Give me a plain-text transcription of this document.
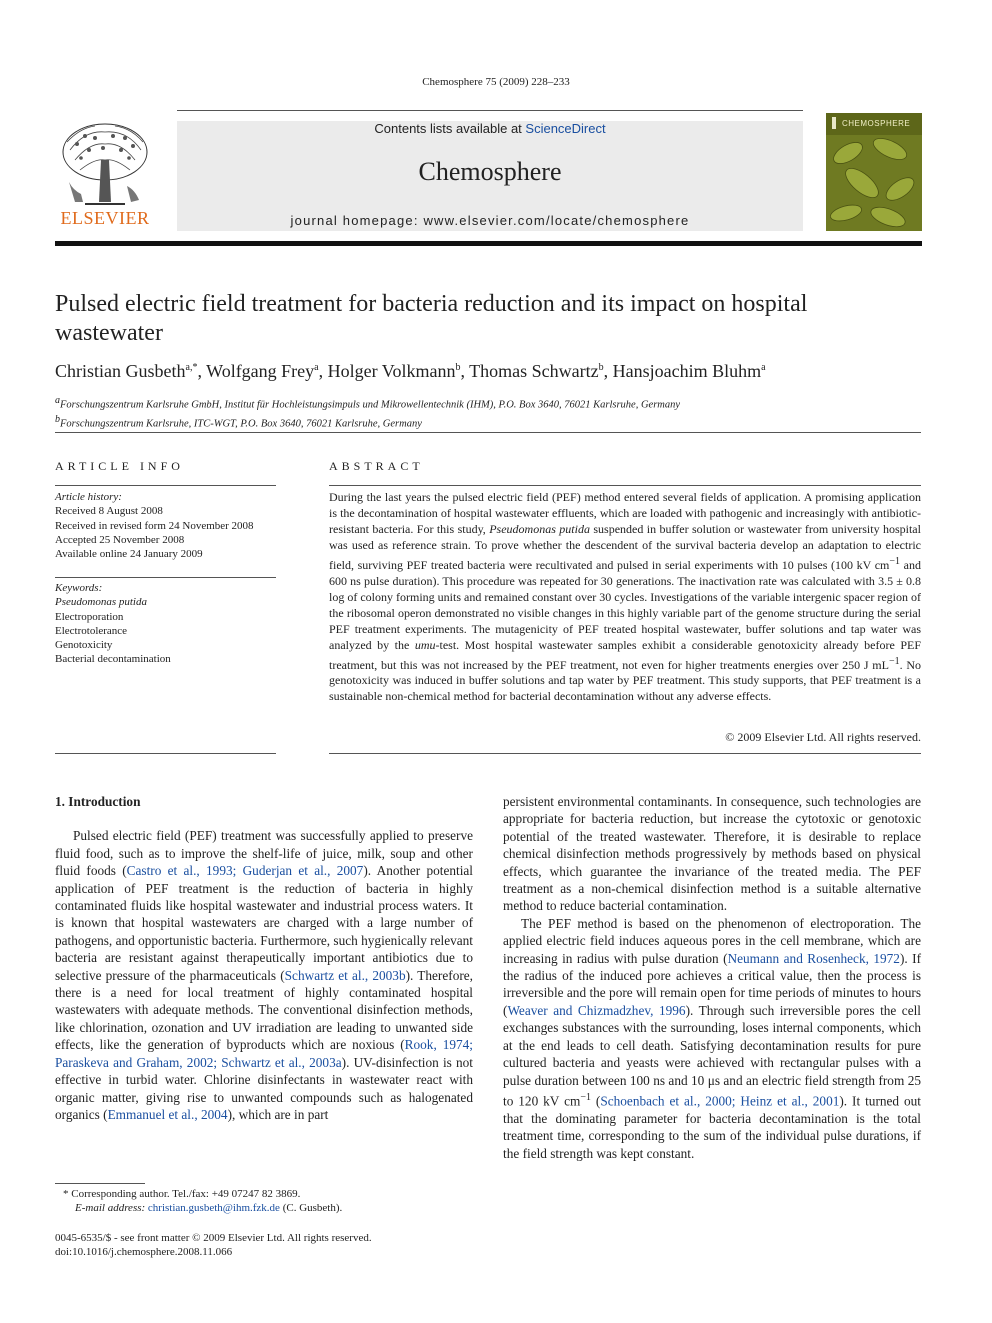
Chemosphere 75 (2009) 228–233
ELSEVIER
Contents lists available at ScienceDirect
Chemosphere
journal homepage: www.elsevier.com/locate/chemosphere
CHEMOSPHERE
Pulsed electric field treatment for bacteria reduction and its impact on hospital wastewater
Christian Gusbeth$^{a,*}$, Wolfgang Frey$^a$, Holger Volkmann$^b$, Thomas Schwartz$^b$, Hansjoachim Bluhm$^a$
$^a$Forschungszentrum Karlsruhe GmbH, Institut für Hochleistungsimpuls und Mikrowellentechnik (IHM), P.O. Box 3640, 76021 Karlsruhe, Germany
$^b$Forschungszentrum Karlsruhe, ITC-WGT, P.O. Box 3640, 76021 Karlsruhe, Germany
ARTICLE INFO
Article history:
Received 8 August 2008
Received in revised form 24 November 2008
Accepted 25 November 2008
Available online 24 January 2009
Keywords:
Pseudomonas putida
Electroporation
Electrotolerance
Genotoxicity
Bacterial decontamination
ABSTRACT
During the last years the pulsed electric field (PEF) method entered several fields of application. A promising application is the decontamination of hospital wastewater effluents, which are loaded with pathogenic and increasingly with antibiotic-resistant bacteria. For this study, Pseudomonas putida suspended in buffer solution or wastewater from university hospital was used as reference strain. To prove whether the descendent of the survival bacteria develop an adaptation to electric field, surviving PEF treated bacteria were recultivated and pulsed in serial experiments with 10 pulses (100 kV $cm^{-1}$ and 600 ns pulse duration). This procedure was repeated for 30 generations. The inactivation rate was calculated with 3.5 ± 0.8 log of colony forming units and remained constant over 30 cycles. Investigations of the variable intergenic spacer region of the ribosomal operon demonstrated no visible changes in this highly variable part of the genome structure during the serial PEF treatment experiments. The mutagenicity of PEF treated hospital wastewater, buffer solutions and tap water was analyzed by the umu-test. Most hospital wastewater samples exhibit a considerable genotoxicity already before PEF treatment, but this was not increased by the PEF treatment, not even for higher treatments energies over 250 J $mL^{-1}$. No genotoxicity was induced in buffer solutions and tap water by PEF treatment. This study supports, that PEF treatment is a sustainable non-chemical method for bacterial decontamination without any adverse effects.
© 2009 Elsevier Ltd. All rights reserved.
1. Introduction

Pulsed electric field (PEF) treatment was successfully applied to preserve fluid food, such as to improve the shelf-life of juice, milk, soup and other fluid foods (Castro et al., 1993; Guderjan et al., 2007). Another potential application of PEF treatment is the reduction of bacteria in highly contaminated fluids like hospital wastewater and industrial process waters. It is known that hospital wastewaters are charged with a large number of pathogens, and opportunistic bacteria. Furthermore, such hygienically relevant bacteria are resistant against therapeutically important antibiotics due to selective pressure of the pharmaceuticals (Schwartz et al., 2003b). Therefore, there is a need for local treatment of highly contaminated hospital wastewaters with adequate methods. The conventional disinfection methods, like chlorination, ozonation and UV irradiation are leading to unwanted side effects, like the generation of byproducts which are noxious (Rook, 1974; Paraskeva and Graham, 2002; Schwartz et al., 2003a). UV-disinfection is not effective in turbid water. Chlorine disinfectants in wastewater react with organic matter, giving rise to unwanted compounds such as halogenated organics (Emmanuel et al., 2004), which are in part

persistent environmental contaminants. In consequence, such technologies are appropriate for bacteria reduction, but increase the cytotoxic or genotoxic potential of the treated wastewater. Therefore, it is desirable to replace chemical disinfection methods progressively by methods based on physical effects, which guarantee the invariance of the treated media. The PEF treatment as a non-chemical disinfection method is a suitable alternative method to reduce bacterial contamination.

The PEF method is based on the phenomenon of electroporation. The applied electric field induces aqueous pores in the cell membrane, which are increasing in radius with pulse duration (Neumann and Rosenheck, 1972). If the radius of the induced pore achieves a critical value, then the process is irreversible and the pore will remain open for time periods of minutes to hours (Weaver and Chizmadzhev, 1996). Through such irreversible pores the cell exchanges substances with the surrounding, loses internal components, which at the end leads to cell death. Satisfying decontamination results for pure cultured bacteria and yeasts were achieved with rectangular pulses with a pulse duration between 100 ns and 10 μs and an electric field strength from 25 to 120 kV $cm^{-1}$ (Schoenbach et al., 2000; Heinz et al., 2001). It turned out that the dominating parameter for bacteria decontamination is the total treatment time, corresponding to the sum of the individual pulse durations, if the field strength was kept constant.

* Corresponding author. Tel./fax: +49 07247 82 3869.
E-mail address: christian.gusbeth@ihm.fzk.de (C. Gusbeth).
0045-6535/$ - see front matter © 2009 Elsevier Ltd. All rights reserved.
doi:10.1016/j.chemosphere.2008.11.066
